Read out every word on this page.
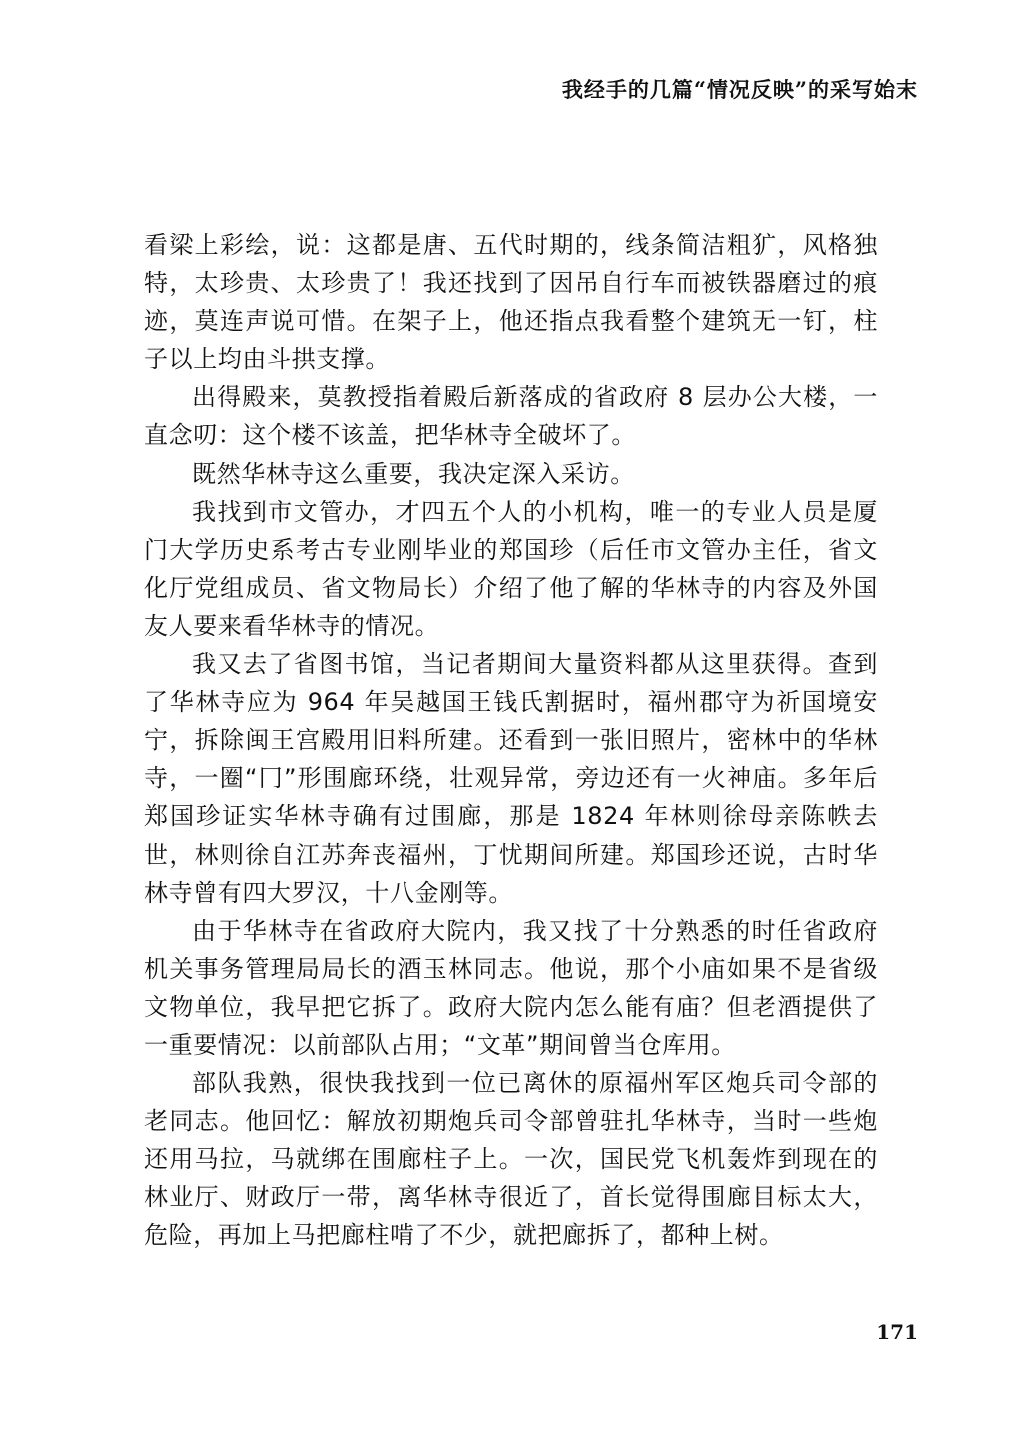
我经手的几篇“情况反映”的采写始末

看梁上彩绘，说：这都是唐、五代时期的，线条简洁粗犷，风格独特，太珍贵、太珍贵了！我还找到了因吊自行车而被铁器磨过的痕迹，莫连声说可惜。在架子上，他还指点我看整个建筑无一钉，柱子以上均由斗拱支撑。

出得殿来，莫教授指着殿后新落成的省政府 8 层办公大楼，一直念叨：这个楼不该盖，把华林寺全破坏了。

既然华林寺这么重要，我决定深入采访。

我找到市文管办，才四五个人的小机构，唯一的专业人员是厦门大学历史系考古专业刚毕业的郑国珍（后任市文管办主任，省文化厅党组成员、省文物局长）介绍了他了解的华林寺的内容及外国友人要来看华林寺的情况。

我又去了省图书馆，当记者期间大量资料都从这里获得。查到了华林寺应为 964 年吴越国王钱氏割据时，福州郡守为祈国境安宁，拆除闽王宫殿用旧料所建。还看到一张旧照片，密林中的华林寺，一圈“冂”形围廊环绕，壮观异常，旁边还有一火神庙。多年后郑国珍证实华林寺确有过围廊，那是 1824 年林则徐母亲陈帙去世，林则徐自江苏奔丧福州，丁忧期间所建。郑国珍还说，古时华林寺曾有四大罗汉，十八金刚等。

由于华林寺在省政府大院内，我又找了十分熟悉的时任省政府机关事务管理局局长的酒玉林同志。他说，那个小庙如果不是省级文物单位，我早把它拆了。政府大院内怎么能有庙？但老酒提供了一重要情况：以前部队占用；“文革”期间曾当仓库用。

部队我熟，很快我找到一位已离休的原福州军区炮兵司令部的老同志。他回忆：解放初期炮兵司令部曾驻扎华林寺，当时一些炮还用马拉，马就绑在围廊柱子上。一次，国民党飞机轰炸到现在的林业厅、财政厅一带，离华林寺很近了，首长觉得围廊目标太大，危险，再加上马把廊柱啃了不少，就把廊拆了，都种上树。

171
